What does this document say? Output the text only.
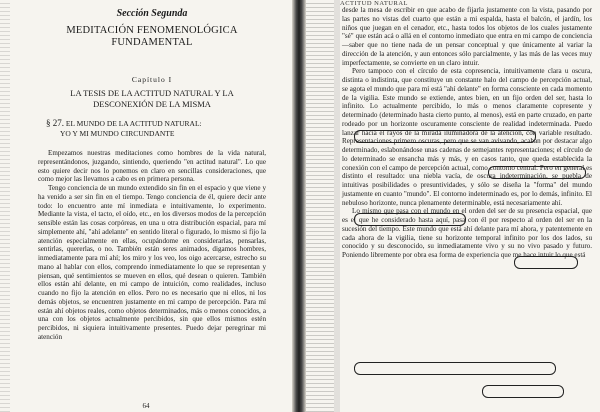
Sección Segunda
MEDITACIÓN FENOMENOLÓGICA
FUNDAMENTAL
Capítulo I
LA TESIS DE LA ACTITUD NATURAL Y LA
DESCONEXIÓN DE LA MISMA
§ 27. EL MUNDO DE LA ACTITUD NATURAL:
YO Y MI MUNDO CIRCUNDANTE

Empezamos nuestras meditaciones como hombres de la vida natural, representándonos, juzgando, sintiendo, queriendo "en actitud natural". Lo que esto quiere decir nos lo ponemos en claro en sencillas consideraciones, que como mejor las llevamos a cabo es en primera persona.

Tengo conciencia de un mundo extendido sin fin en el espacio y que viene y ha venido a ser sin fin en el tiempo. Tengo conciencia de él, quiere decir ante todo: lo encuentro ante mí inmediata e intuitivamente, lo experimento. Mediante la vista, el tacto, el oído, etc., en los diversos modos de la percepción sensible están las cosas corpóreas, en una u otra distribución espacial, para mí simplemente ahí, "ahí adelante" en sentido literal o figurado, lo mismo si fijo la atención especialmente en ellas, ocupándome en considerarlas, pensarlas, sentirlas, quererlas, o no. También están seres animados, digamos hombres, inmediatamente para mí ahí; los miro y los veo, los oigo acercarse, estrecho su mano al hablar con ellos, comprendo inmediatamente lo que se representan y piensan, qué sentimientos se mueven en ellos, qué desean o quieren. También ellos están ahí delante, en mi campo de intuición, como realidades, incluso cuando no fijo la atención en ellos. Pero no es necesario que ni ellos, ni los demás objetos, se encuentren justamente en mi campo de percepción. Para mí están ahí objetos reales, como objetos determinados, más o menos conocidos, a una con los objetos actualmente percibidos, sin que ellos mismos estén percibidos, ni siquiera intuitivamente presentes. Puedo dejar peregrinar mi atención

64
ACTITUD NATURAL

desde la mesa de escribir en que acabo de fijarla justamente con la vista, pasando por las partes no vistas del cuarto que están a mi espalda, hasta el balcón, el jardín, los niños que juegan en el cenador, etc., hasta todos los objetos de los cuales justamente "sé" que están acá o allá en el contorno inmediato que entra en mi campo de conciencia —saber que no tiene nada de un pensar conceptual y que únicamente al variar la dirección de la atención, y aun entonces sólo parcialmente, y las más de las veces muy imperfectamente, se convierte en un claro intuir.

Pero tampoco con el círculo de esta copresencia, intuitivamente clara u oscura, distinta o indistinta, que constituye un constante halo del campo de percepción actual, se agota el mundo que para mí está "ahí delante" en forma consciente en cada momento de la vigilia. Este mundo se extiende, antes bien, en un fijo orden del ser, hasta lo infinito. Lo actualmente percibido, lo más o menos claramente copresente y determinado (determinado hasta cierto punto, al menos), está en parte cruzado, en parte rodeado por un horizonte oscuramente consciente de realidad indeterminada. Puedo lanzar hacia él rayos de la mirada iluminadora de la atención, con variable resultado. Representaciones primero oscuras, pero que se van avivando, acaban por destacar algo determinado, eslabonándose unas cadenas de semejantes representaciones; el círculo de lo determinado se ensancha más y más, y en casos tanto, que queda establecida la conexión con el campo de percepción actual, como contorno central. Pero en general es distinto el resultado: una niebla vacía, de oscura indeterminación, se puebla de intuitivas posibilidades o presuntividades, y sólo se diseña la "forma" del mundo justamente en cuanto "mundo". El contorno indeterminado es, por lo demás, infinito. El nebuloso horizonte, nunca plenamente determinable, está necesariamente ahí.

Lo mismo que pasa con el mundo en el orden del ser de su presencia espacial, que es el que he considerado hasta aquí, pasa con él por respecto al orden del ser en la sucesión del tiempo. Este mundo que está ahí delante para mí ahora, y patentemente en cada ahora de la vigilia, tiene su horizonte temporal infinito por los dos lados, su conocido y su desconocido, su inmediatamente vivo y su no vivo pasado y futuro. Poniendo libremente por obra esa forma de experiencia que me hace intuir lo que está
